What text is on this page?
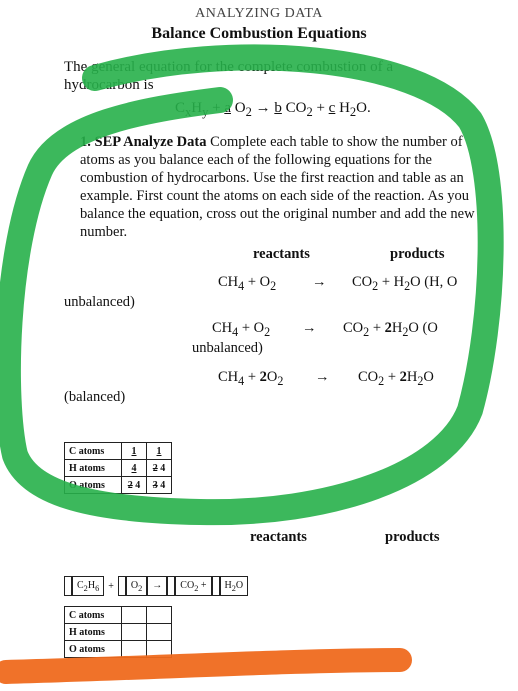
ANALYZING DATA
Balance Combustion Equations
The general equation for the complete combustion of a hydrocarbon is
$C_xH_y + a$ $O_2 \to b$ $CO_2 + c$ $H_2O$.
1. SEP Analyze Data Complete each table to show the number of atoms as you balance each of the following equations for the combustion of hydrocarbons. Use the first reaction and table as an example. First count the atoms on each side of the reaction. As you balance the equation, cross out the original number and add the new number.
reactants	products
$CH_4 + O_2 \to CO_2 + H_2O$ (H, O
unbalanced)
$CH_4 + O_2 \to CO_2 + 2H_2O$ (O
unbalanced)
$CH_4 + 2O_2 \to CO_2 + 2H_2O$
(balanced)
C atoms	1	1
H atoms	4	2 4
O atoms	2 4	3 4
reactants	products
$C_2H_6 + O_2 \to CO_2 + H_2O$
C atoms		
H atoms		
O atoms		
